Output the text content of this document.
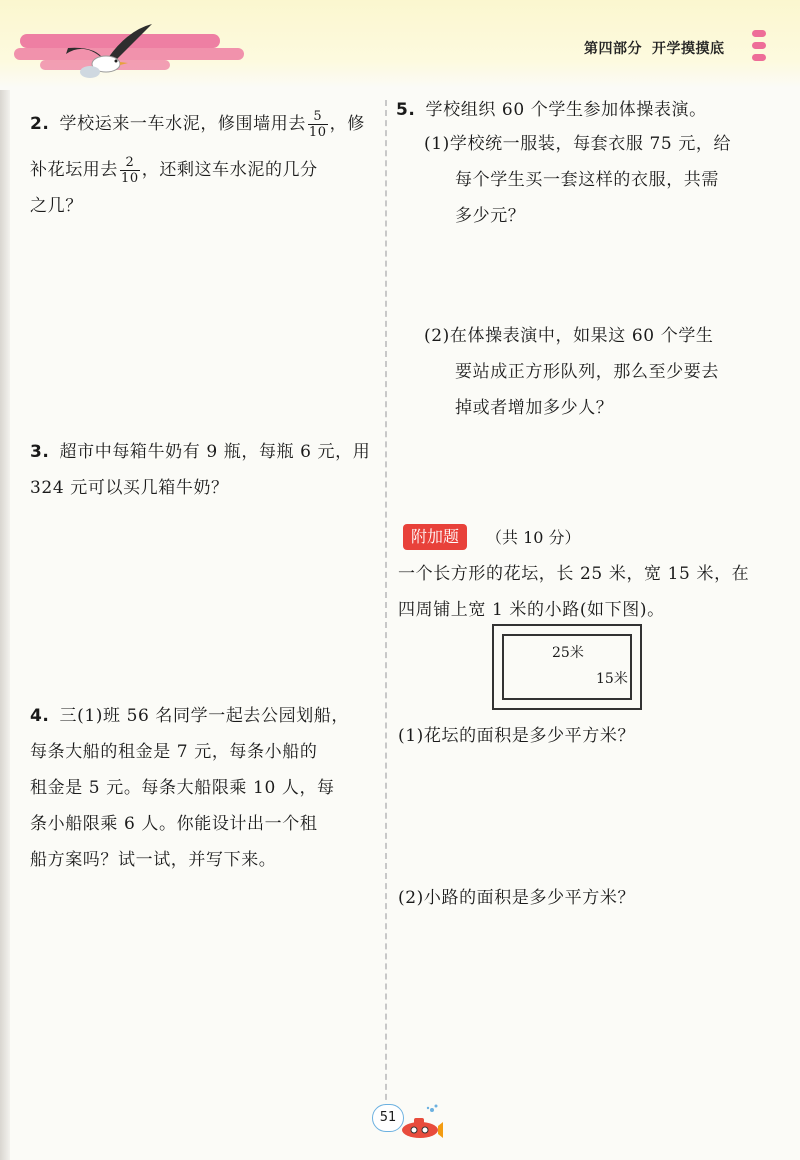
第四部分 开学摸摸底
2. 学校运来一车水泥，修围墙用去 $\frac{5}{10}$ ，修
补花坛用去 $\frac{2}{10}$ ，还剩这车水泥的几分
之几？
3. 超市中每箱牛奶有 9 瓶，每瓶 6 元，用
324 元可以买几箱牛奶？
4. 三(1)班 56 名同学一起去公园划船，
每条大船的租金是 7 元，每条小船的
租金是 5 元。每条大船限乘 10 人，每
条小船限乘 6 人。你能设计出一个租
船方案吗？试一试，并写下来。
5. 学校组织 60 个学生参加体操表演。
(1)学校统一服装，每套衣服 75 元，给
每个学生买一套这样的衣服，共需
多少元？
(2)在体操表演中，如果这 60 个学生
要站成正方形队列，那么至少要去
掉或者增加多少人？
附加题	（共 10 分）
一个长方形的花坛，长 25 米，宽 15 米，在
四周铺上宽 1 米的小路(如下图)。
25米
15米
(1)花坛的面积是多少平方米？
(2)小路的面积是多少平方米？
51
